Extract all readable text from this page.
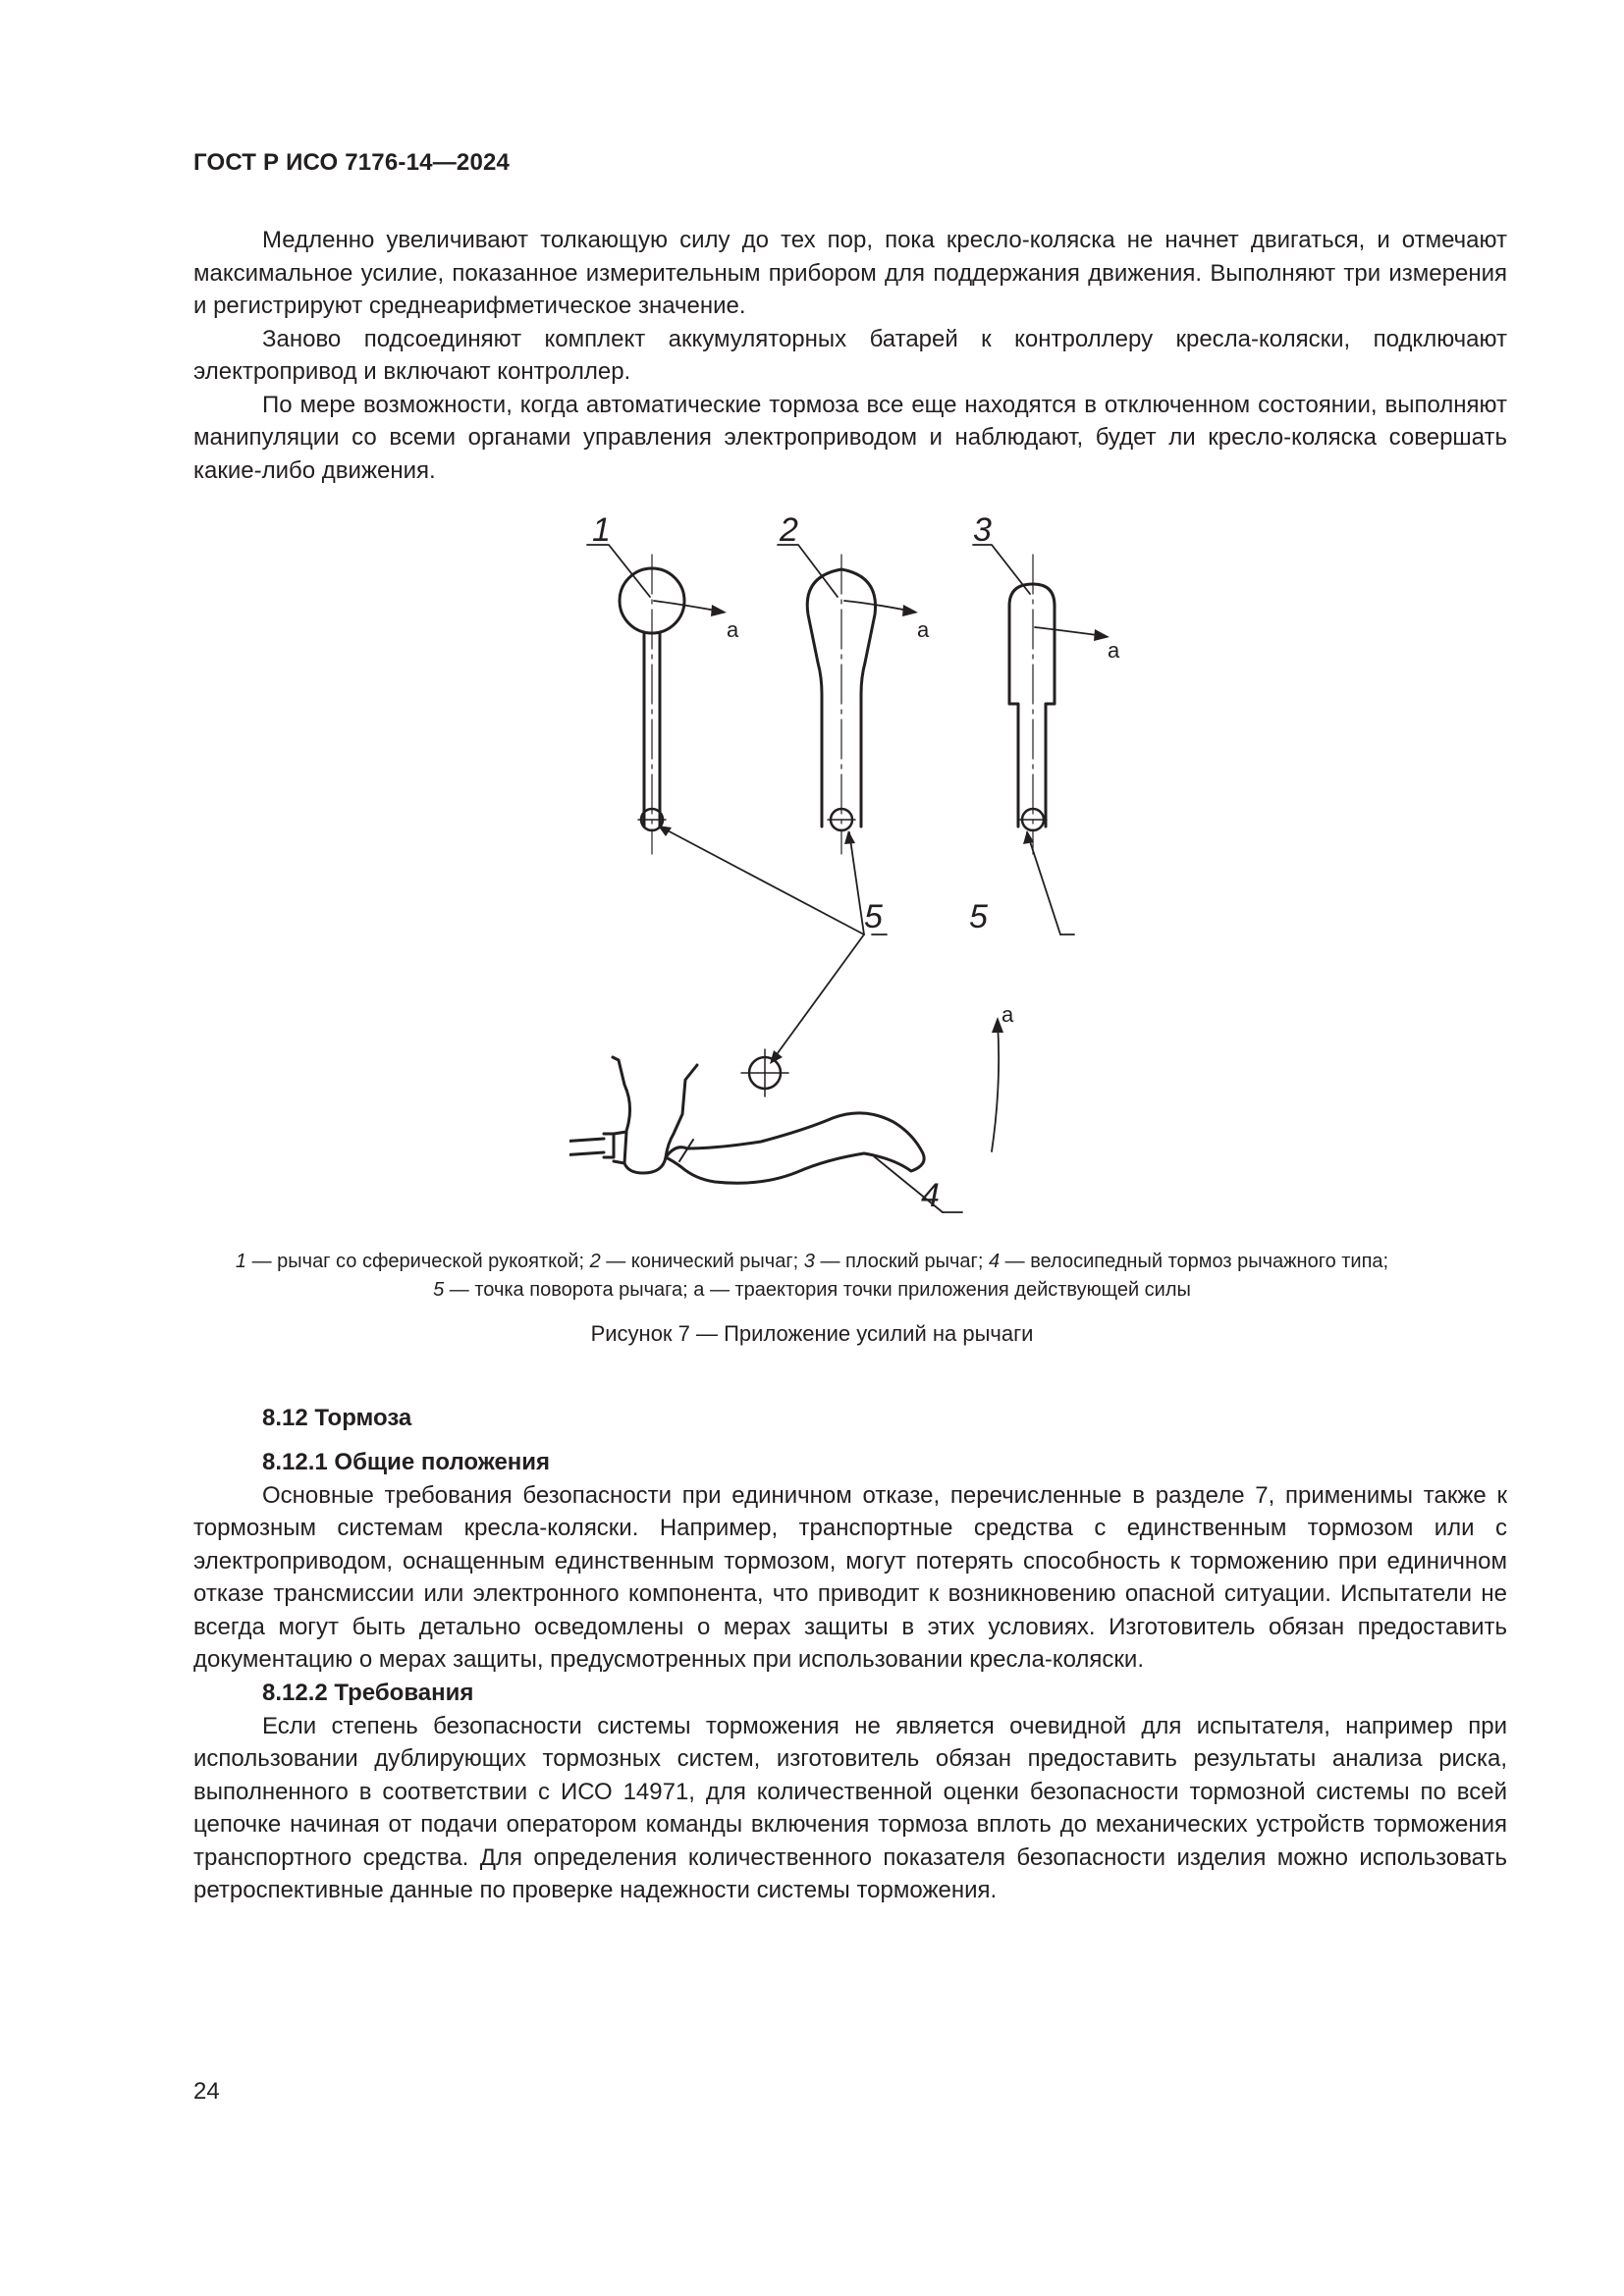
ГОСТ Р ИСО 7176-14—2024

Медленно увеличивают толкающую силу до тех пор, пока кресло-коляска не начнет двигаться, и отмечают максимальное усилие, показанное измерительным прибором для поддержания движения. Выполняют три измерения и регистрируют среднеарифметическое значение.

Заново подсоединяют комплект аккумуляторных батарей к контроллеру кресла-коляски, подключают электропривод и включают контроллер.

По мере возможности, когда автоматические тормоза все еще находятся в отключенном состоянии, выполняют манипуляции со всеми органами управления электроприводом и наблюдают, будет ли кресло-коляска совершать какие-либо движения.

1	2	3
5	5
4
a	a
a
a
1 — рычаг со сферической рукояткой; 2 — конический рычаг; 3 — плоский рычаг; 4 — велосипедный тормоз рычажного типа;
5 — точка поворота рычага; а — траектория точки приложения действующей силы
Рисунок 7 — Приложение усилий на рычаги
8.12 Тормоза
8.12.1 Общие положения

Основные требования безопасности при единичном отказе, перечисленные в разделе 7, применимы также к тормозным системам кресла-коляски. Например, транспортные средства с единственным тормозом или с электроприводом, оснащенным единственным тормозом, могут потерять способность к торможению при единичном отказе трансмиссии или электронного компонента, что приводит к возникновению опасной ситуации. Испытатели не всегда могут быть детально осведомлены о мерах защиты в этих условиях. Изготовитель обязан предоставить документацию о мерах защиты, предусмотренных при использовании кресла-коляски.

8.12.2 Требования

Если степень безопасности системы торможения не является очевидной для испытателя, например при использовании дублирующих тормозных систем, изготовитель обязан предоставить результаты анализа риска, выполненного в соответствии с ИСО 14971, для количественной оценки безопасности тормозной системы по всей цепочке начиная от подачи оператором команды включения тормоза вплоть до механических устройств торможения транспортного средства. Для определения количественного показателя безопасности изделия можно использовать ретроспективные данные по проверке надежности системы торможения.

24
